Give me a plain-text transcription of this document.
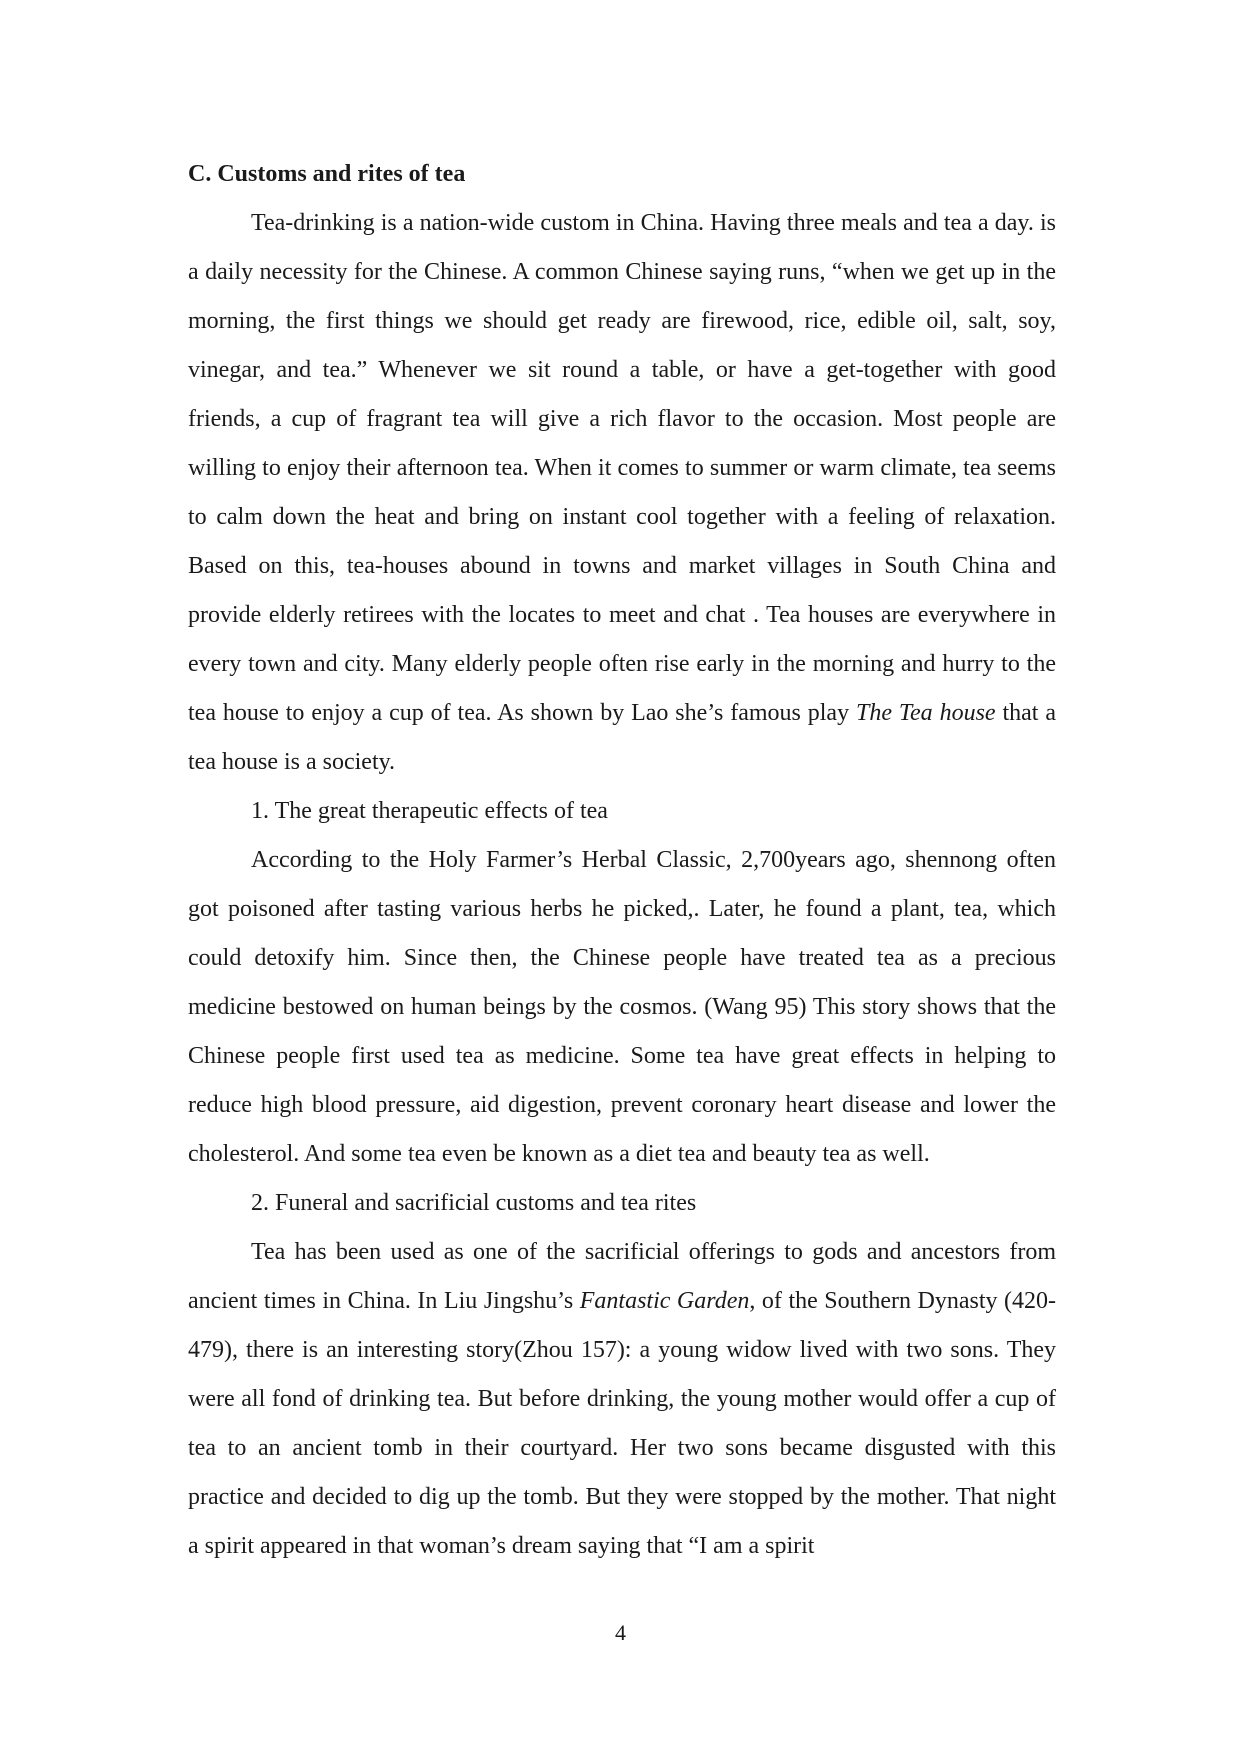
C. Customs and rites of tea

Tea-drinking is a nation-wide custom in China. Having three meals and tea a day. is a daily necessity for the Chinese. A common Chinese saying runs, “when we get up in the morning, the first things we should get ready are firewood, rice, edible oil, salt, soy, vinegar, and tea.” Whenever we sit round a table, or have a get-together with good friends, a cup of fragrant tea will give a rich flavor to the occasion. Most people are willing to enjoy their afternoon tea. When it comes to summer or warm climate, tea seems to calm down the heat and bring on instant cool together with a feeling of relaxation. Based on this, tea-houses abound in towns and market villages in South China and provide elderly retirees with the locates to meet and chat . Tea houses are everywhere in every town and city. Many elderly people often rise early in the morning and hurry to the tea house to enjoy a cup of tea. As shown by Lao she’s famous play The Tea house that a tea house is a society.

1. The great therapeutic effects of tea

According to the Holy Farmer’s Herbal Classic, 2,700years ago, shennong often got poisoned after tasting various herbs he picked,. Later, he found a plant, tea, which could detoxify him. Since then, the Chinese people have treated tea as a precious medicine bestowed on human beings by the cosmos. (Wang 95) This story shows that the Chinese people first used tea as medicine. Some tea have great effects in helping to reduce high blood pressure, aid digestion, prevent coronary heart disease and lower the cholesterol. And some tea even be known as a diet tea and beauty tea as well.

2. Funeral and sacrificial customs and tea rites

Tea has been used as one of the sacrificial offerings to gods and ancestors from ancient times in China. In Liu Jingshu’s Fantastic Garden, of the Southern Dynasty (420-479), there is an interesting story(Zhou 157): a young widow lived with two sons. They were all fond of drinking tea. But before drinking, the young mother would offer a cup of tea to an ancient tomb in their courtyard. Her two sons became disgusted with this practice and decided to dig up the tomb. But they were stopped by the mother. That night a spirit appeared in that woman’s dream saying that “I am a spirit

4
